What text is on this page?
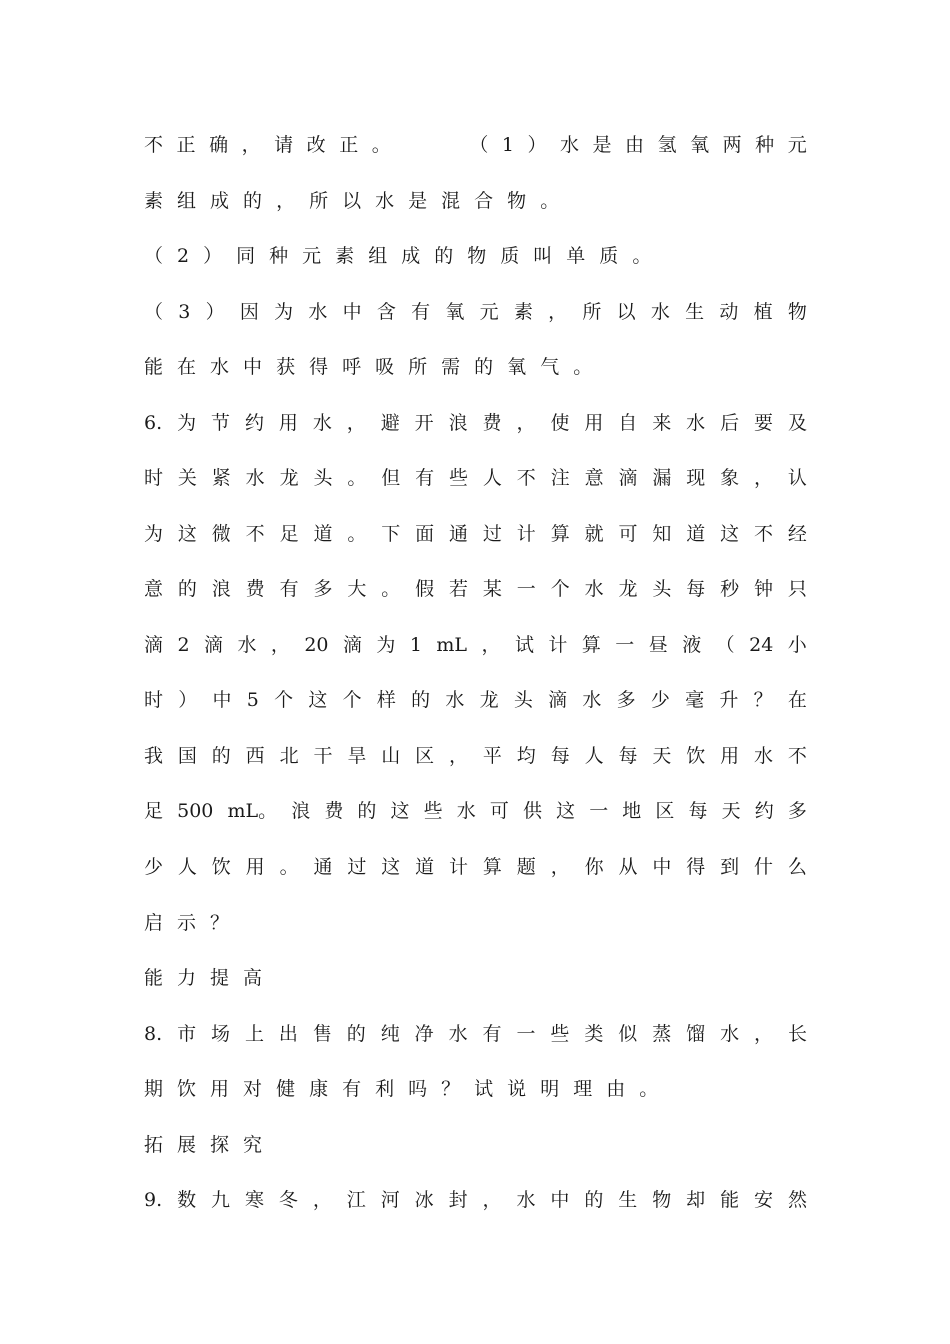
不 正 确 ， 请 改 正 。

　	（ 1 ） 水 是 由 氢 氧 两 种 元
素 组 成 的 ， 所 以 水 是 混 合 物 。
（ 2 ） 同 种 元 素 组 成 的 物 质 叫 单 质 。
（ 3 ） 因 为 水 中 含 有 氧 元 素 ， 所 以 水 生 动 植 物
能 在 水 中 获 得 呼 吸 所 需 的 氧 气 。
6. 为 节 约 用 水 ， 避 开 浪 费 ， 使 用 自 来 水 后 要 及
时 关 紧 水 龙 头 。 但 有 些 人 不 注 意 滴 漏 现 象 ， 认
为 这 微 不 足 道 。 下 面 通 过 计 算 就 可 知 道 这 不 经
意 的 浪 费 有 多 大 。 假 若 某 一 个 水 龙 头 每 秒 钟 只
滴 2 滴 水 ， 20 滴 为 1 mL ， 试 计 算 一 昼 液 （ 24 小
时 ） 中 5 个 这 个 样 的 水 龙 头 滴 水 多 少 毫 升 ？ 在
我 国 的 西 北 干 旱 山 区 ， 平 均 每 人 每 天 饮 用 水 不
足 500 mL。 浪 费 的 这 些 水 可 供 这 一 地 区 每 天 约 多
少 人 饮 用 。 通 过 这 道 计 算 题 ， 你 从 中 得 到 什 么
启 示 ？
能 力 提 高
8. 市 场 上 出 售 的 纯 净 水 有 一 些 类 似 蒸 馏 水 ， 长
期 饮 用 对 健 康 有 利 吗 ？ 试 说 明 理 由 。
拓 展 探 究
9. 数 九 寒 冬 ， 江 河 冰 封 ， 水 中 的 生 物 却 能 安 然
